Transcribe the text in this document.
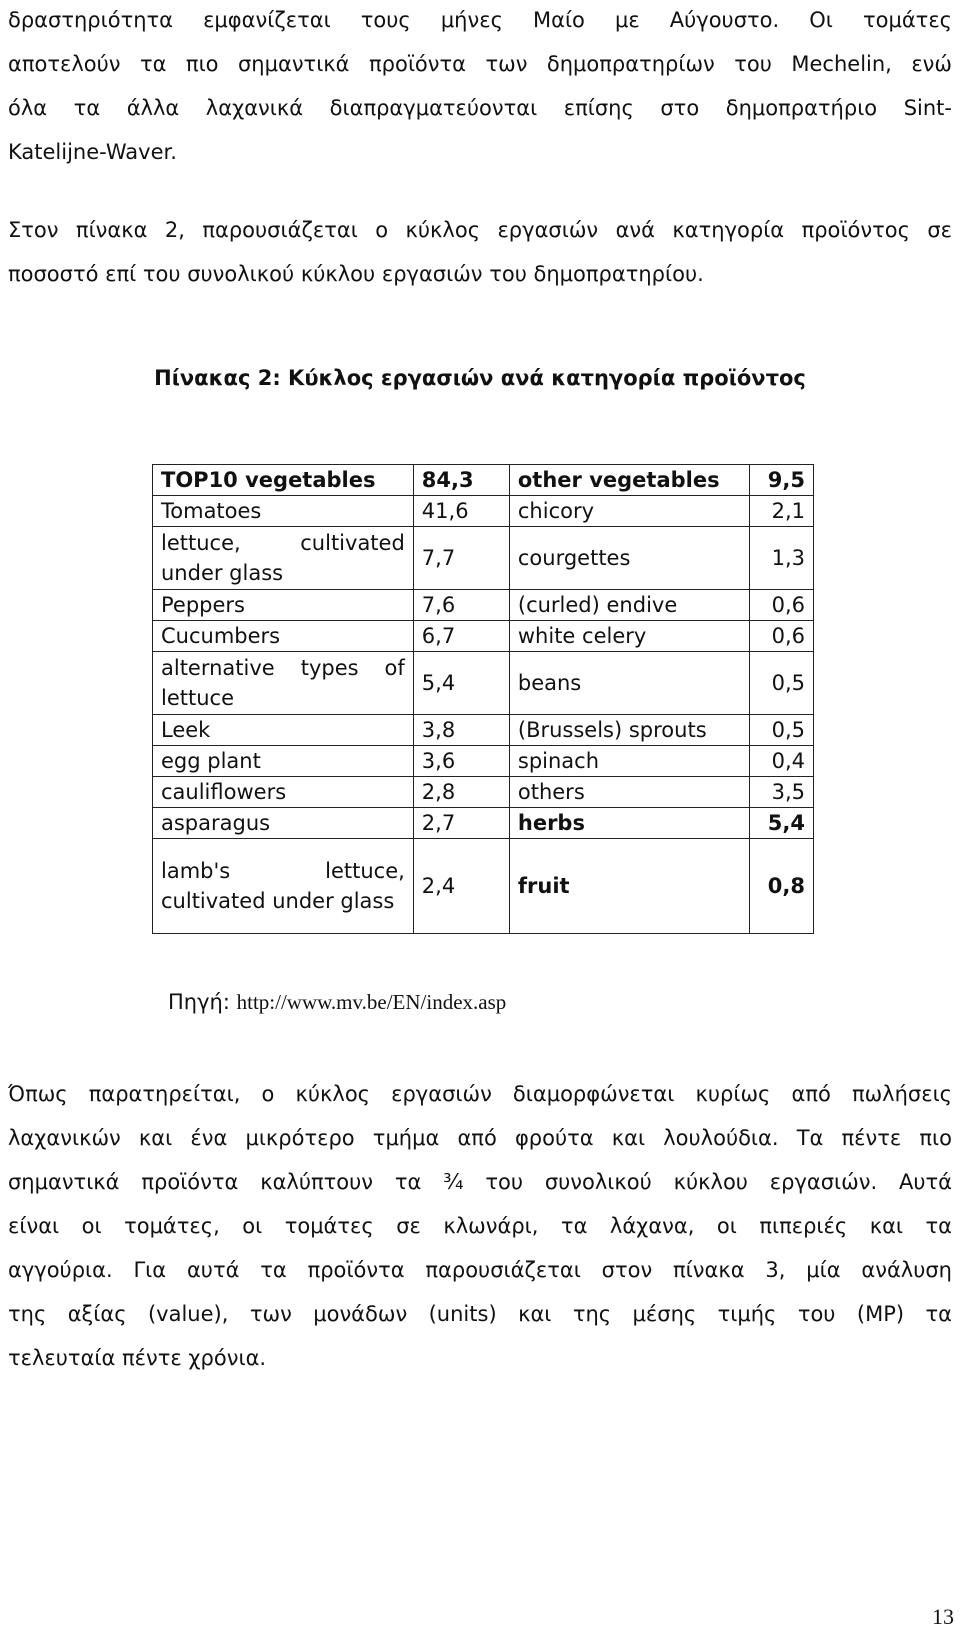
δραστηριότητα εμφανίζεται τους μήνες Μαίο με Αύγουστο. Οι τομάτες
αποτελούν τα πιο σημαντικά προϊόντα των δημοπρατηρίων του Mechelin, ενώ
όλα τα άλλα λαχανικά διαπραγματεύονται επίσης στο δημοπρατήριο Sint-
Katelijne-Waver.
Στον πίνακα 2, παρουσιάζεται ο κύκλος εργασιών ανά κατηγορία προϊόντος σε
ποσοστό επί του συνολικού κύκλου εργασιών του δημοπρατηρίου.
Πίνακας 2: Κύκλος εργασιών ανά κατηγορία προϊόντος
TOP10 vegetables	84,3	other vegetables	9,5
Tomatoes	41,6	chicory	2,1
lettuce, cultivated under glass	7,7	courgettes	1,3
Peppers	7,6	(curled) endive	0,6
Cucumbers	6,7	white celery	0,6
alternative types of lettuce	5,4	beans	0,5
Leek	3,8	(Brussels) sprouts	0,5
egg plant	3,6	spinach	0,4
cauliflowers	2,8	others	3,5
asparagus	2,7	herbs	5,4
lamb's lettuce, cultivated under glass	2,4	fruit	0,8
Πηγή: http://www.mv.be/EN/index.asp
Όπως παρατηρείται, ο κύκλος εργασιών διαμορφώνεται κυρίως από πωλήσεις
λαχανικών και ένα μικρότερο τμήμα από φρούτα και λουλούδια. Τα πέντε πιο
σημαντικά προϊόντα καλύπτουν τα ¾ του συνολικού κύκλου εργασιών. Αυτά
είναι οι τομάτες, οι τομάτες σε κλωνάρι, τα λάχανα, οι πιπεριές και τα
αγγούρια. Για αυτά τα προϊόντα παρουσιάζεται στον πίνακα 3, μία ανάλυση
της αξίας (value), των μονάδων (units) και της μέσης τιμής του (MP) τα
τελευταία πέντε χρόνια.
13
